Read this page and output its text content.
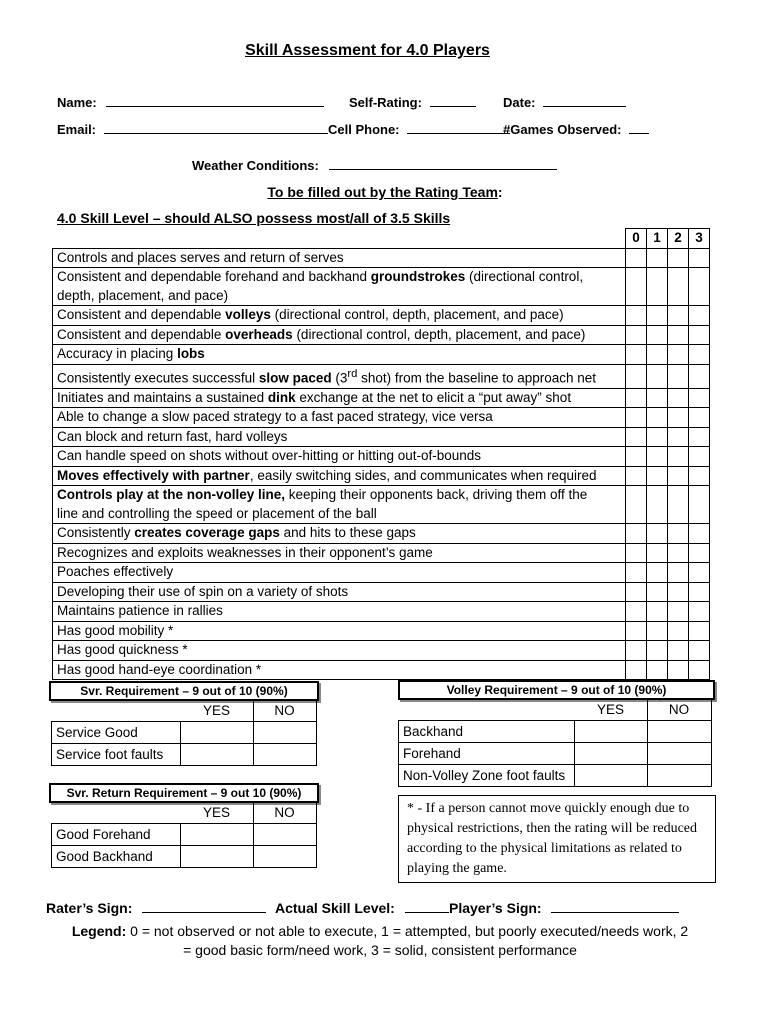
Skill Assessment for 4.0 Players
Name:	Self-Rating:	Date:
Email:	Cell Phone:	#Games Observed:
Weather Conditions:
To be filled out by the Rating Team:
4.0 Skill Level – should ALSO possess most/all of 3.5 Skills
	0	1	2	3
Controls and places serves and return of serves				
Consistent and dependable forehand and backhand groundstrokes (directional control,
depth, placement, and pace)				
Consistent and dependable volleys (directional control, depth, placement, and pace)				
Consistent and dependable overheads (directional control, depth, placement, and pace)				
Accuracy in placing lobs				
Consistently executes successful slow paced (3rd shot) from the baseline to approach net				
Initiates and maintains a sustained dink exchange at the net to elicit a “put away” shot				
Able to change a slow paced strategy to a fast paced strategy, vice versa				
Can block and return fast, hard volleys				
Can handle speed on shots without over-hitting or hitting out-of-bounds				
Moves effectively with partner, easily switching sides, and communicates when required				
Controls play at the non-volley line, keeping their opponents back, driving them off the
line and controlling the speed or placement of the ball				
Consistently creates coverage gaps and hits to these gaps				
Recognizes and exploits weaknesses in their opponent’s game				
Poaches effectively				
Developing their use of spin on a variety of shots				
Maintains patience in rallies				
Has good mobility *				
Has good quickness *				
Has good hand-eye coordination *				
Svr. Requirement – 9 out of 10 (90%)
	YES	NO
Service Good		
Service foot faults		
Svr. Return Requirement – 9 out 10 (90%)
	YES	NO
Good Forehand		
Good Backhand		
Volley Requirement – 9 out of 10 (90%)
	YES	NO
Backhand		
Forehand		
Non-Volley Zone foot faults		
* - If a person cannot move quickly enough due to physical restrictions, then the rating will be reduced according to the physical limitations as related to playing the game.
Rater’s Sign:	Actual Skill Level:	Player’s Sign:
Legend: 0 = not observed or not able to execute, 1 = attempted, but poorly executed/needs work, 2
= good basic form/need work, 3 = solid, consistent performance
